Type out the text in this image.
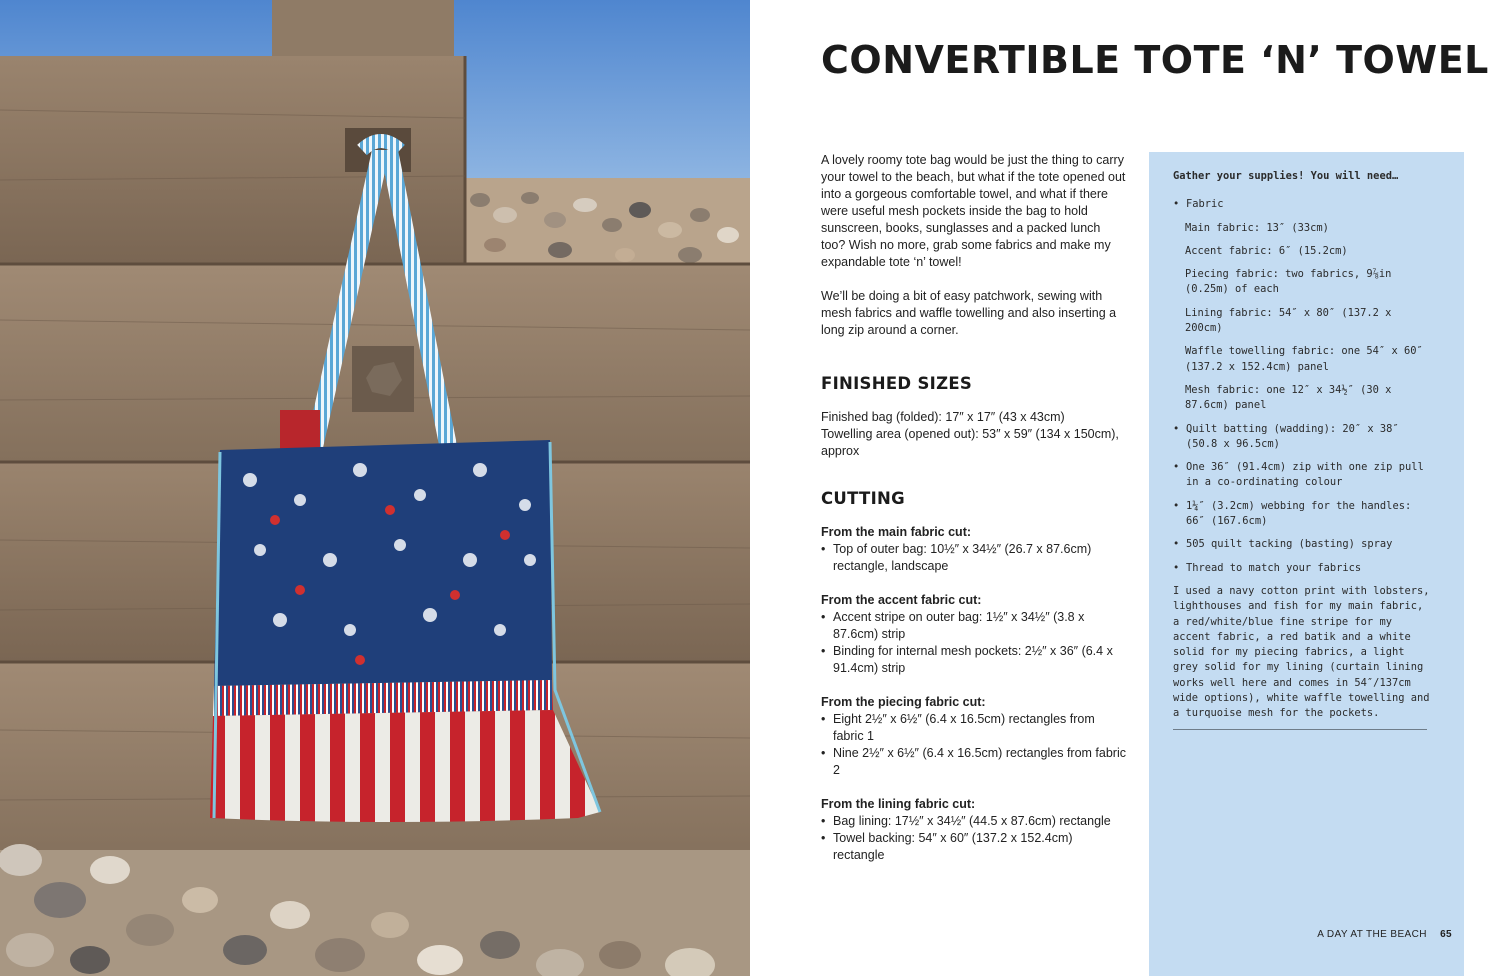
CONVERTIBLE TOTE ‘N’ TOWEL

A lovely roomy tote bag would be just the thing to carry your towel to the beach, but what if the tote opened out into a gorgeous comfortable towel, and what if there were useful mesh pockets inside the bag to hold sunscreen, books, sunglasses and a packed lunch too? Wish no more, grab some fabrics and make my expandable tote ‘n’ towel!

We’ll be doing a bit of easy patchwork, sewing with mesh fabrics and waffle towelling and also inserting a long zip around a corner.

FINISHED SIZES

Finished bag (folded): 17″ x 17″ (43 x 43cm)

Towelling area (opened out): 53″ x 59″ (134 x 150cm), approx

CUTTING
From the main fabric cut:
• Top of outer bag: 10½″ x 34½″ (26.7 x 87.6cm) rectangle, landscape
From the accent fabric cut:
• Accent stripe on outer bag: 1½″ x 34½″ (3.8 x 87.6cm) strip
• Binding for internal mesh pockets: 2½″ x 36″ (6.4 x 91.4cm) strip
From the piecing fabric cut:
• Eight 2½″ x 6½″ (6.4 x 16.5cm) rectangles from fabric 1
• Nine 2½″ x 6½″ (6.4 x 16.5cm) rectangles from fabric 2
From the lining fabric cut:
• Bag lining: 17½″ x 34½″ (44.5 x 87.6cm) rectangle
• Towel backing: 54″ x 60″ (137.2 x 152.4cm) rectangle

Gather your supplies! You will need…

• Fabric
Main fabric: 13″ (33cm)
Accent fabric: 6″ (15.2cm)
Piecing fabric: two fabrics, 9⅞in (0.25m) of each
Lining fabric: 54″ x 80″ (137.2 x 200cm)
Waffle towelling fabric: one 54″ x 60″ (137.2 x 152.4cm) panel
Mesh fabric: one 12″ x 34½″ (30 x 87.6cm) panel
• Quilt batting (wadding): 20″ x 38″ (50.8 x 96.5cm)
• One 36″ (91.4cm) zip with one zip pull in a co-ordinating colour
• 1¼″ (3.2cm) webbing for the handles: 66″ (167.6cm)
• 505 quilt tacking (basting) spray
• Thread to match your fabrics

I used a navy cotton print with lobsters, lighthouses and fish for my main fabric, a red/white/blue fine stripe for my accent fabric, a red batik and a white solid for my piecing fabrics, a light grey solid for my lining (curtain lining works well here and comes in 54″/137cm wide options), white waffle towelling and a turquoise mesh for the pockets.

A DAY AT THE BEACH 65
